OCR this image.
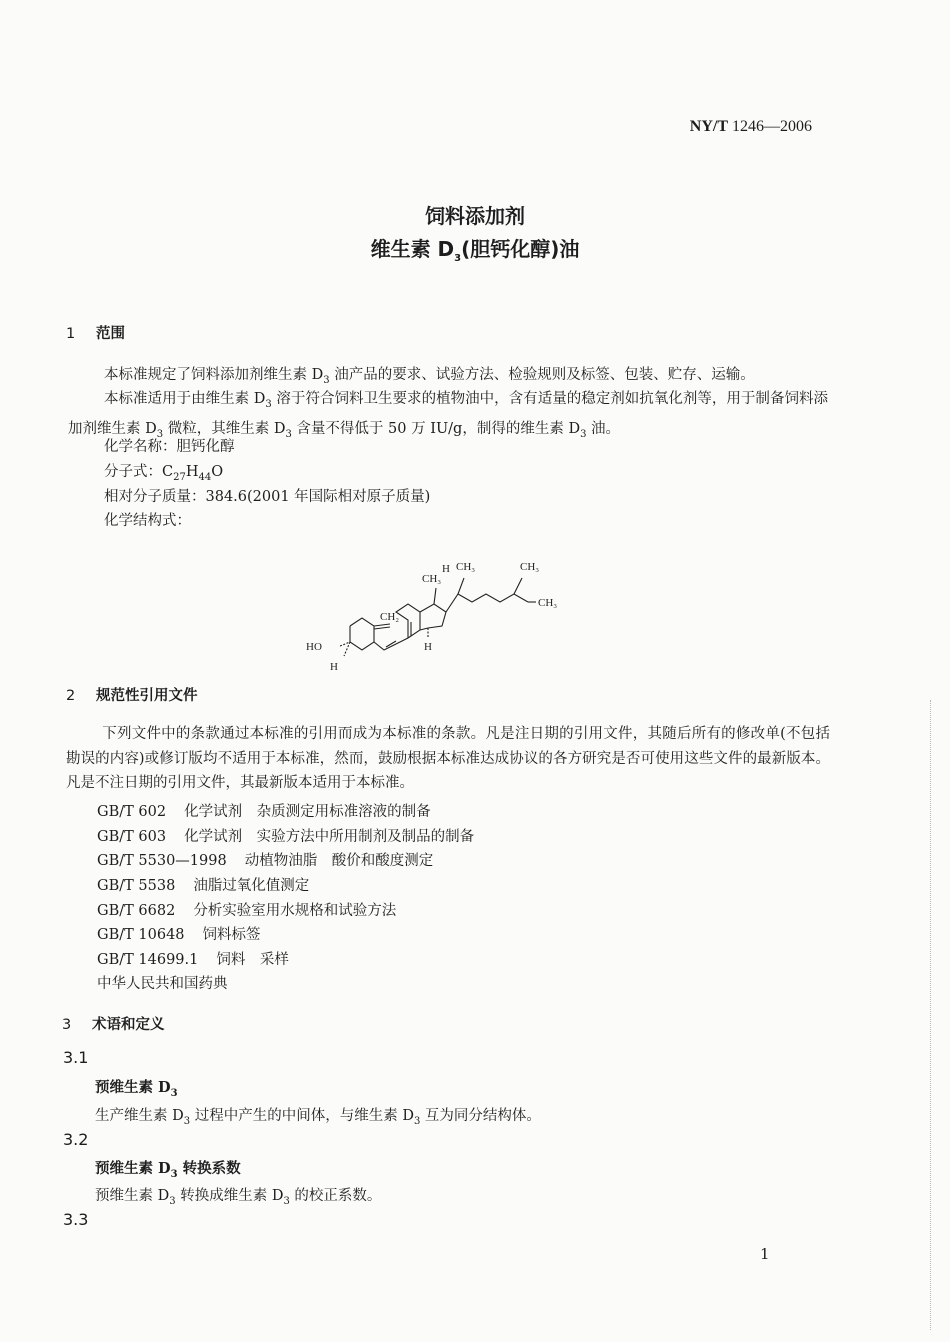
NY/T 1246—2006
饲料添加剂
维生素 $D_3$(胆钙化醇)油
1 范围
本标准规定了饲料添加剂维生素 $D_3$ 油产品的要求、试验方法、检验规则及标签、包装、贮存、运输。
本标准适用于由维生素 $D_3$ 溶于符合饲料卫生要求的植物油中，含有适量的稳定剂如抗氧化剂等，用于制备饲料添加剂维生素 $D_3$ 微粒，其维生素 $D_3$ 含量不得低于 50 万 IU/g，制得的维生素 $D_3$ 油。
化学名称：胆钙化醇
分子式：$C_{27}H_{44}O$
相对分子质量：384.6(2001 年国际相对原子质量)
化学结构式：
CH₃
H CH₃	CH₃
CH₃
CH₂
H
HO
H
2 规范性引用文件
下列文件中的条款通过本标准的引用而成为本标准的条款。凡是注日期的引用文件，其随后所有的修改单(不包括勘误的内容)或修订版均不适用于本标准，然而，鼓励根据本标准达成协议的各方研究是否可使用这些文件的最新版本。凡是不注日期的引用文件，其最新版本适用于本标准。
GB/T 602 化学试剂　杂质测定用标准溶液的制备
GB/T 603 化学试剂　实验方法中所用制剂及制品的制备
GB/T 5530—1998 动植物油脂　酸价和酸度测定
GB/T 5538 油脂过氧化值测定
GB/T 6682 分析实验室用水规格和试验方法
GB/T 10648 饲料标签
GB/T 14699.1 饲料　采样
中华人民共和国药典
3 术语和定义
3.1
预维生素 $D_3$
生产维生素 $D_3$ 过程中产生的中间体，与维生素 $D_3$ 互为同分结构体。
3.2
预维生素 $D_3$ 转换系数
预维生素 $D_3$ 转换成维生素 $D_3$ 的校正系数。
3.3
1
